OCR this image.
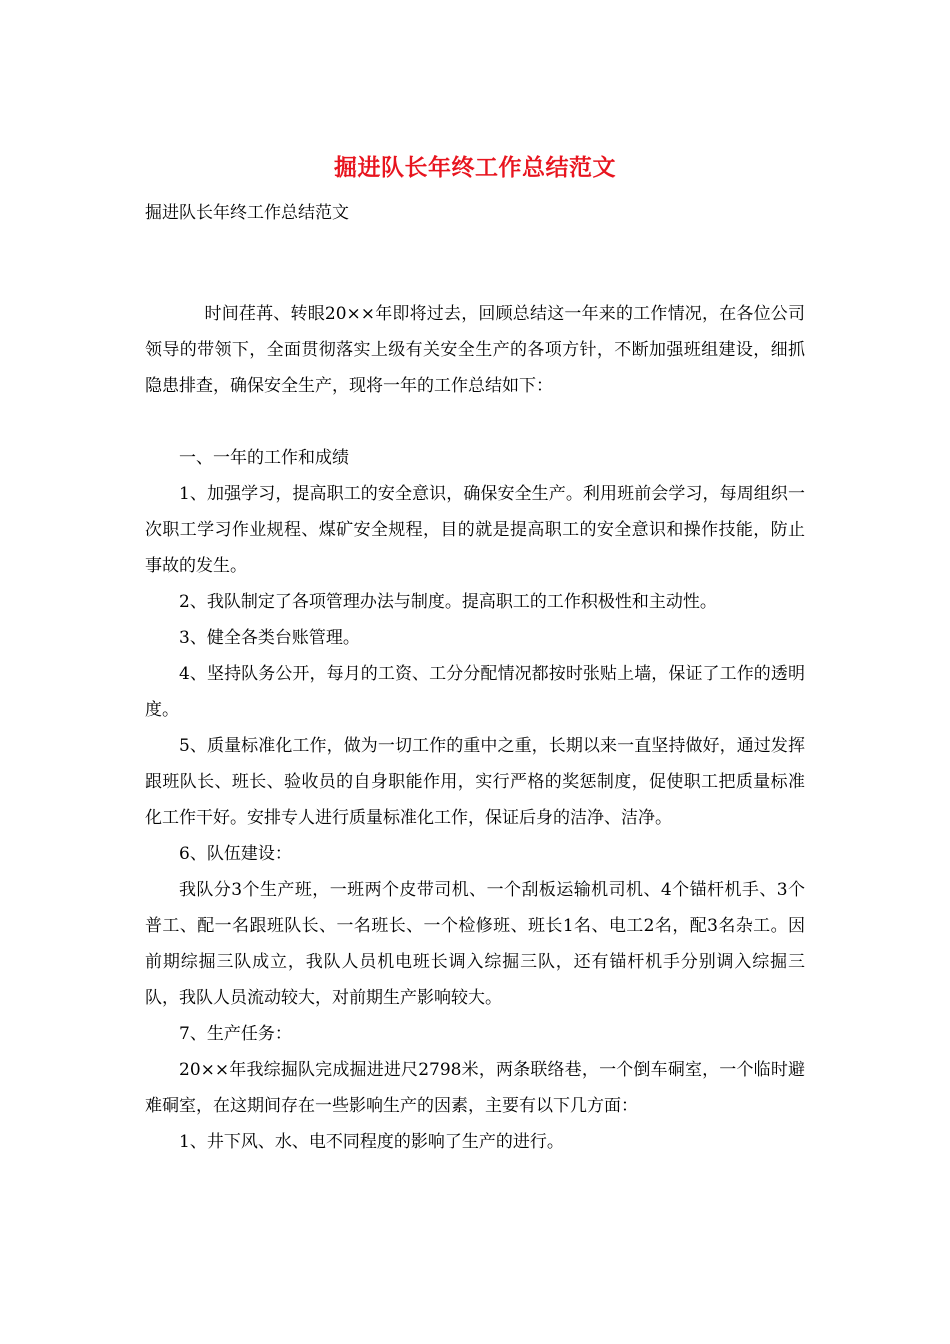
掘进队长年终工作总结范文
掘进队长年终工作总结范文

时间荏苒、转眼20××年即将过去，回顾总结这一年来的工作情况，在各位公司领导的带领下，全面贯彻落实上级有关安全生产的各项方针，不断加强班组建设，细抓隐患排查，确保安全生产，现将一年的工作总结如下：

一、一年的工作和成绩

1、加强学习，提高职工的安全意识，确保安全生产。利用班前会学习，每周组织一次职工学习作业规程、煤矿安全规程，目的就是提高职工的安全意识和操作技能，防止事故的发生。

2、我队制定了各项管理办法与制度。提高职工的工作积极性和主动性。

3、健全各类台账管理。

4、坚持队务公开，每月的工资、工分分配情况都按时张贴上墙，保证了工作的透明度。

5、质量标准化工作，做为一切工作的重中之重，长期以来一直坚持做好，通过发挥跟班队长、班长、验收员的自身职能作用，实行严格的奖惩制度，促使职工把质量标准化工作干好。安排专人进行质量标准化工作，保证后身的洁净、洁净。

6、队伍建设：

我队分3个生产班，一班两个皮带司机、一个刮板运输机司机、4个锚杆机手、3个普工、配一名跟班队长、一名班长、一个检修班、班长1名、电工2名，配3名杂工。因前期综掘三队成立，我队人员机电班长调入综掘三队，还有锚杆机手分别调入综掘三队，我队人员流动较大，对前期生产影响较大。

7、生产任务：

20××年我综掘队完成掘进进尺2798米，两条联络巷，一个倒车硐室，一个临时避难硐室，在这期间存在一些影响生产的因素，主要有以下几方面：

1、井下风、水、电不同程度的影响了生产的进行。
